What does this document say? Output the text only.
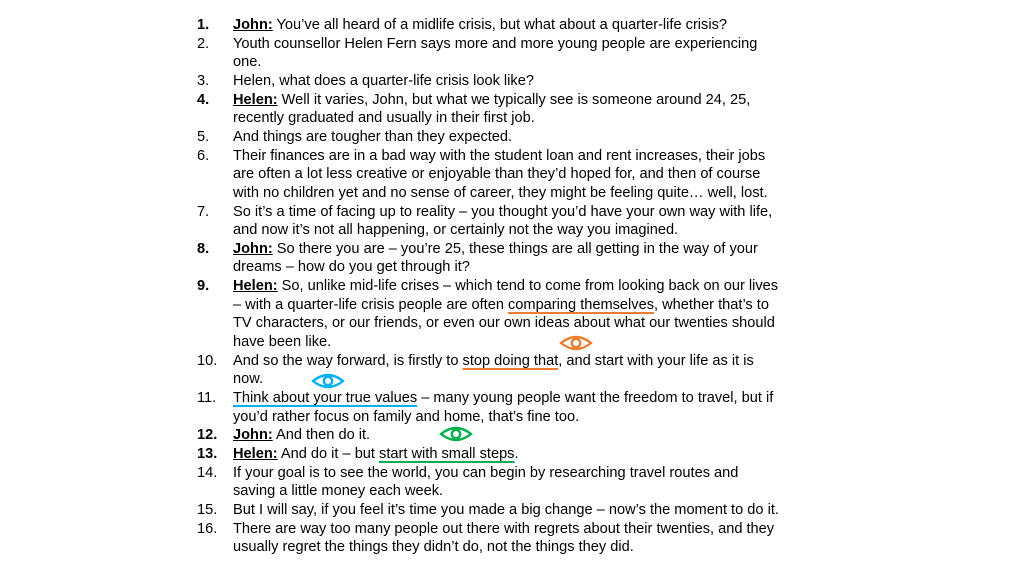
1.	John: You’ve all heard of a midlife crisis, but what about a quarter-life crisis?
2.	Youth counsellor Helen Fern says more and more young people are experiencing
one.
3.	Helen, what does a quarter-life crisis look like?
4.	Helen: Well it varies, John, but what we typically see is someone around 24, 25,
recently graduated and usually in their first job.
5.	And things are tougher than they expected.
6.	Their finances are in a bad way with the student loan and rent increases, their jobs
are often a lot less creative or enjoyable than they’d hoped for, and then of course
with no children yet and no sense of career, they might be feeling quite… well, lost.
7.	So it’s a time of facing up to reality – you thought you’d have your own way with life,
and now it’s not all happening, or certainly not the way you imagined.
8.	John: So there you are – you’re 25, these things are all getting in the way of your
dreams – how do you get through it?
9.	Helen: So, unlike mid-life crises – which tend to come from looking back on our lives
– with a quarter-life crisis people are often comparing themselves, whether that’s to
TV characters, or our friends, or even our own ideas about what our twenties should
have been like.
10. And so the way forward, is firstly to stop doing that, and start with your life as it is
now.
11.	Think about your true values – many young people want the freedom to travel, but if
you’d rather focus on family and home, that’s fine too.
12. John: And then do it.
13. Helen: And do it – but start with small steps.
14. If your goal is to see the world, you can begin by researching travel routes and
saving a little money each week.
15. But I will say, if you feel it’s time you made a big change – now’s the moment to do it.
16. There are way too many people out there with regrets about their twenties, and they
usually regret the things they didn’t do, not the things they did.
